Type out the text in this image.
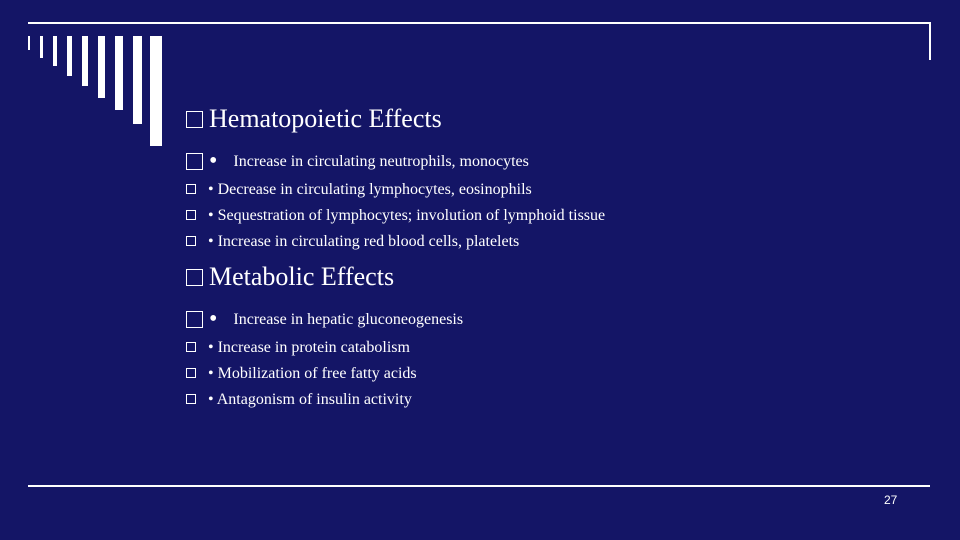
Hematopoietic Effects
• Increase in circulating neutrophils, monocytes
• Decrease in circulating lymphocytes, eosinophils
• Sequestration of lymphocytes; involution of lymphoid tissue
• Increase in circulating red blood cells, platelets
Metabolic Effects
• Increase in hepatic gluconeogenesis
• Increase in protein catabolism
• Mobilization of free fatty acids
• Antagonism of insulin activity
27
